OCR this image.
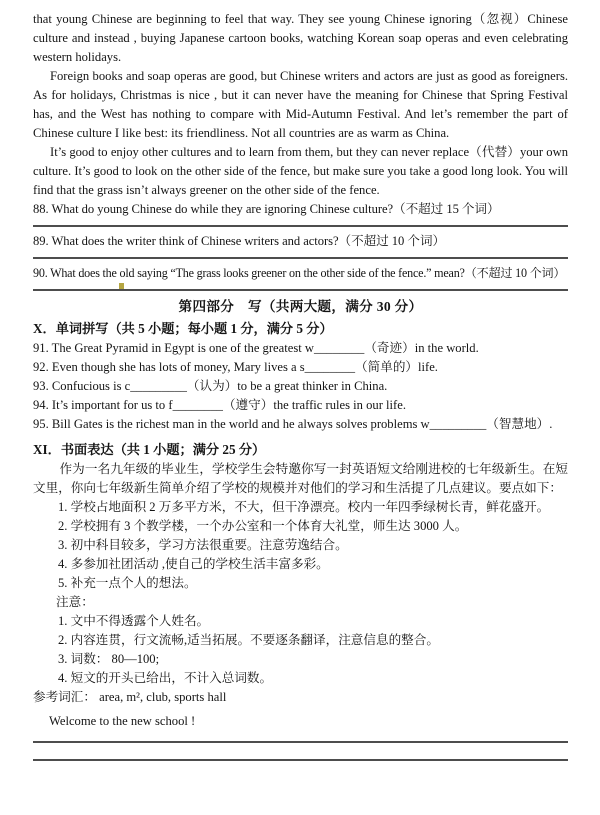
that young Chinese are beginning to feel that way. They see young Chinese ignoring（忽视）Chinese culture and instead , buying Japanese cartoon books, watching Korean soap operas and even celebrating western holidays.

Foreign books and soap operas are good, but Chinese writers and actors are just as good as foreigners. As for holidays, Christmas is nice , but it can never have the meaning for Chinese that Spring Festival has, and the West has nothing to compare with Mid-Autumn Festival. And let’s remember the part of Chinese culture I like best: its friendliness. Not all countries are as warm as China.

It’s good to enjoy other cultures and to learn from them, but they can never replace（代替）your own culture. It’s good to look on the other side of the fence, but make sure you take a good long look. You will find that the grass isn’t always greener on the other side of the fence.

88. What do young Chinese do while they are ignoring Chinese culture?（不超过 15 个词）

89. What does the writer think of Chinese writers and actors?（不超过 10 个词）

90. What does the old saying “The grass looks greener on the other side of the fence.” mean?（不超过 10 个词）

第四部分　写（共两大题，满分 30 分）
X．单词拼写（共 5 小题；每小题 1 分，满分 5 分）

91. The Great Pyramid in Egypt is one of the greatest w________（奇迹）in the world.

92. Even though she has lots of money, Mary lives a s________（简单的）life.

93. Confucious is c_________（认为）to be a great thinker in China.

94. It’s important for us to f________（遵守）the traffic rules in our life.

95. Bill Gates is the richest man in the world and he always solves problems w_________（智慧地）.

XI．书面表达（共 1 小题；满分 25 分）

作为一名九年级的毕业生，学校学生会特邀你写一封英语短文给刚进校的七年级新生。在短文里，你向七年级新生简单介绍了学校的规模并对他们的学习和生活提了几点建议。要点如下：

1. 学校占地面积 2 万多平方米，不大，但干净漂亮。校内一年四季绿树长青，鲜花盛开。

2. 学校拥有 3 个教学楼，一个办公室和一个体育大礼堂，师生达 3000 人。

3. 初中科目较多，学习方法很重要。注意劳逸结合。

4. 多参加社团活动 ,使自己的学校生活丰富多彩。

5. 补充一点个人的想法。

注意：

1. 文中不得透露个人姓名。

2. 内容连贯，行文流畅,适当拓展。不要逐条翻译，注意信息的整合。

3. 词数： 80—100;

4. 短文的开头已给出，不计入总词数。

参考词汇： area, m², club, sports hall

Welcome to the new school !
